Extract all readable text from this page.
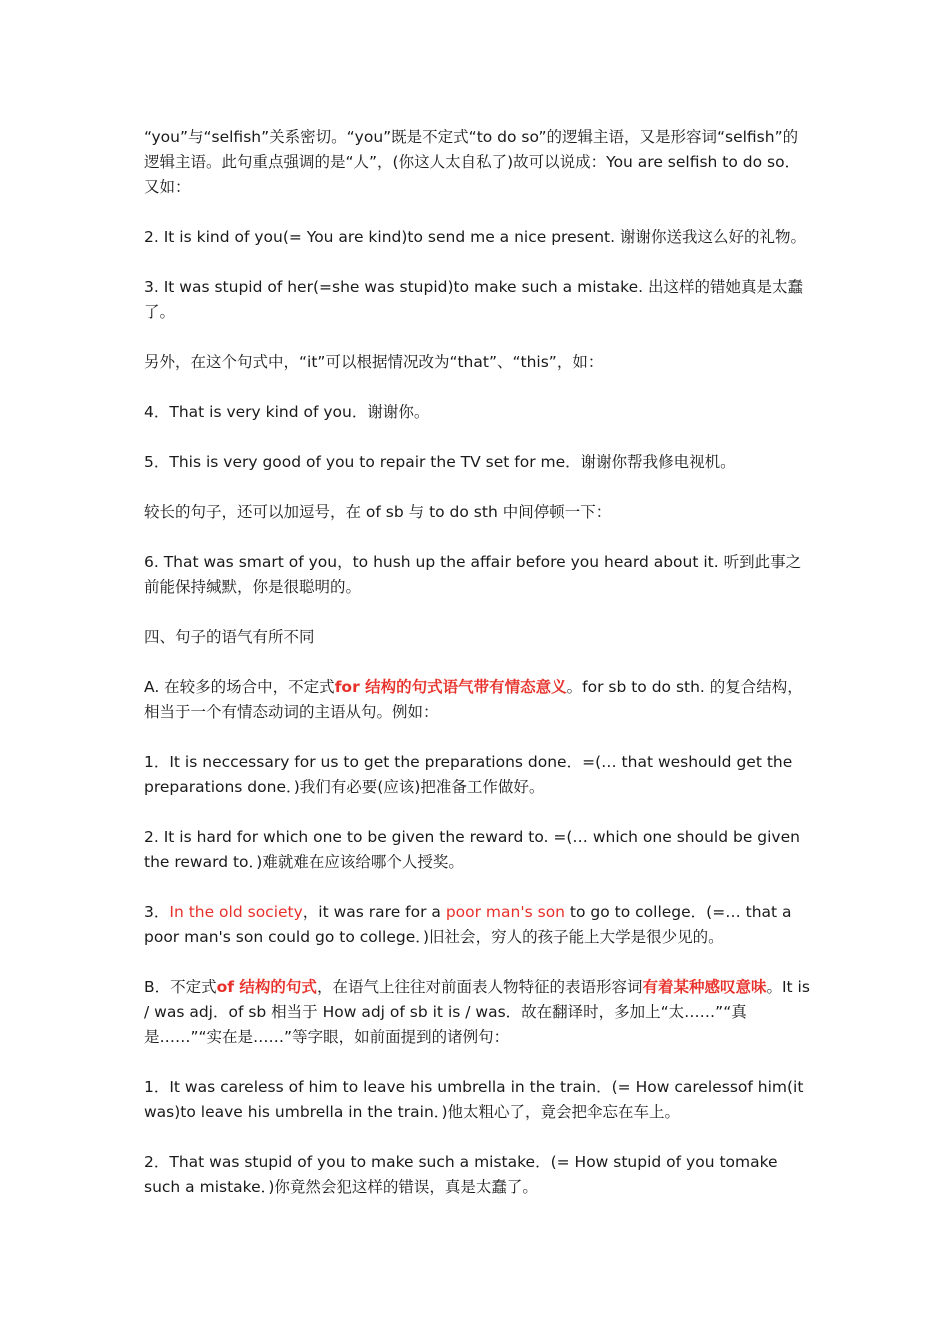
“you”与“selfish”关系密切。“you”既是不定式“to do so”的逻辑主语，又是形容词“selfish”的逻辑主语。此句重点强调的是“人”，(你这人太自私了)故可以说成：You are selfish to do so．又如：

2. It is kind of you(= You are kind)to send me a nice present. 谢谢你送我这么好的礼物。

3. It was stupid of her(=she was stupid)to make such a mistake. 出这样的错她真是太蠢了。

另外，在这个句式中，“it”可以根据情况改为“that”、“this”，如：

4．That is very kind of you．谢谢你。

5．This is very good of you to repair the TV set for me．谢谢你帮我修电视机。

较长的句子，还可以加逗号，在 of sb 与 to do sth 中间停顿一下：

6. That was smart of you，to hush up the affair before you heard about it. 听到此事之前能保持缄默，你是很聪明的。

四、句子的语气有所不同

A. 在较多的场合中，不定式for 结构的句式语气带有情态意义。for sb to do sth. 的复合结构，相当于一个有情态动词的主语从句。例如：

1．It is neccessary for us to get the preparations done．=(… that weshould get the preparations done．)我们有必要(应该)把准备工作做好。

2. It is hard for which one to be given the reward to. =(… which one should be given the reward to．)难就难在应该给哪个人授奖。

3．In the old society，it was rare for a poor man's son to go to college．(=… that a poor man's son could go to college．)旧社会，穷人的孩子能上大学是很少见的。

B．不定式of 结构的句式，在语气上往往对前面表人物特征的表语形容词有着某种感叹意味。It is / was adj．of sb 相当于 How adj of sb it is / was．故在翻译时，多加上“太……”“真是……”“实在是……”等字眼，如前面提到的诸例句：

1．It was careless of him to leave his umbrella in the train．(= How carelessof him(it was)to leave his umbrella in the train．)他太粗心了，竟会把伞忘在车上。

2．That was stupid of you to make such a mistake．(= How stupid of you tomake such a mistake．)你竟然会犯这样的错误，真是太蠢了。
